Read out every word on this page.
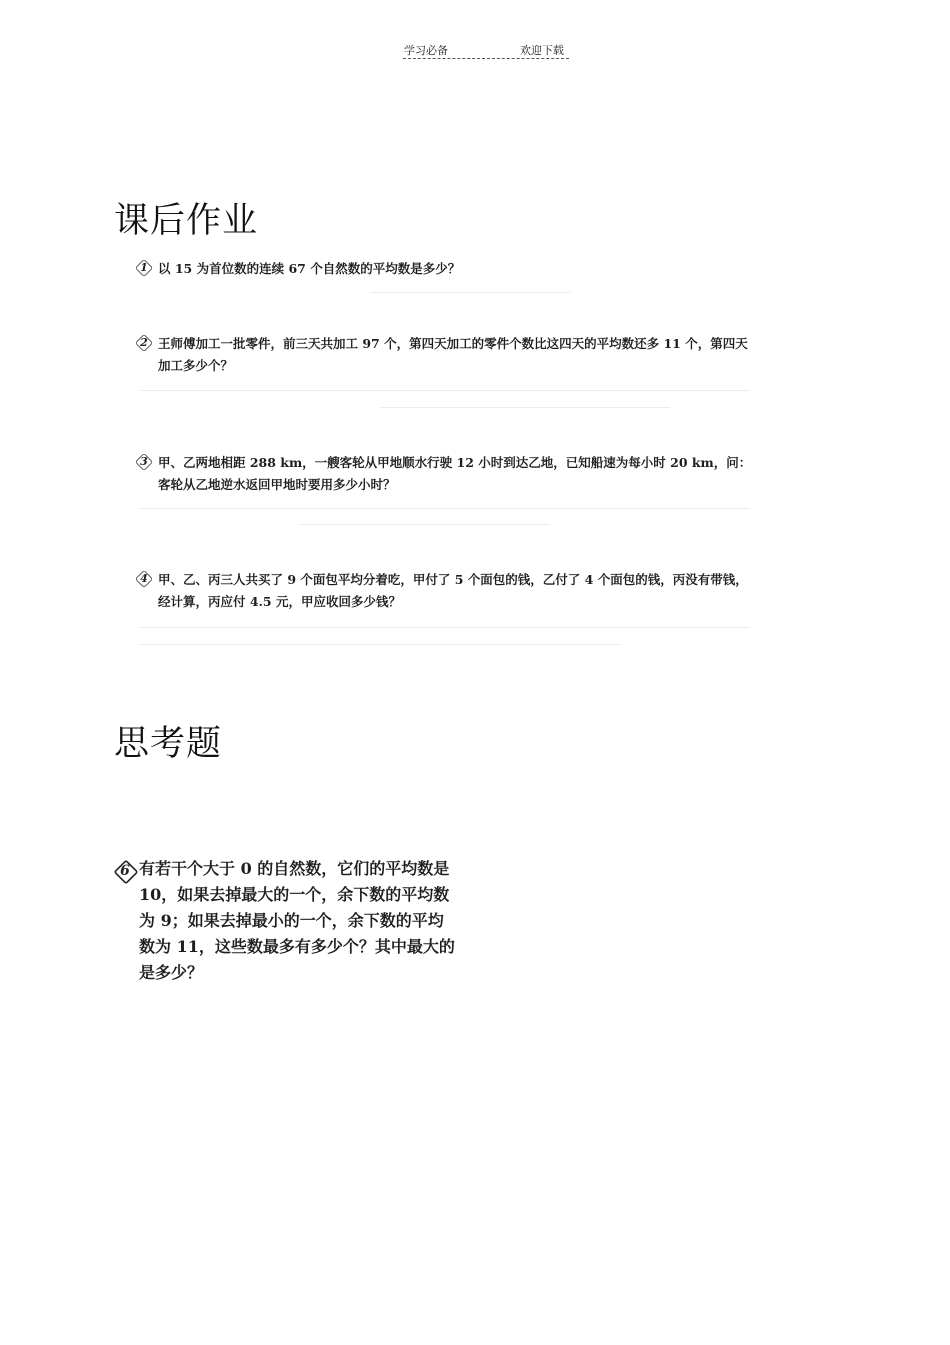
学习必备	欢迎下载
课后作业
1 以 15 为首位数的连续 67 个自然数的平均数是多少？
2 王师傅加工一批零件，前三天共加工 97 个，第四天加工的零件个数比这四天的平均数还多 11 个，第四天加工多少个？
3 甲、乙两地相距 288 km，一艘客轮从甲地顺水行驶 12 小时到达乙地，已知船速为每小时 20 km，问：客轮从乙地逆水返回甲地时要用多少小时？
4 甲、乙、丙三人共买了 9 个面包平均分着吃，甲付了 5 个面包的钱，乙付了 4 个面包的钱，丙没有带钱，经计算，丙应付 4.5 元，甲应收回多少钱？
思考题
6 有若干个大于 0 的自然数，它们的平均数是 10，如果去掉最大的一个，余下数的平均数为 9；如果去掉最小的一个，余下数的平均数为 11，这些数最多有多少个？其中最大的是多少？
